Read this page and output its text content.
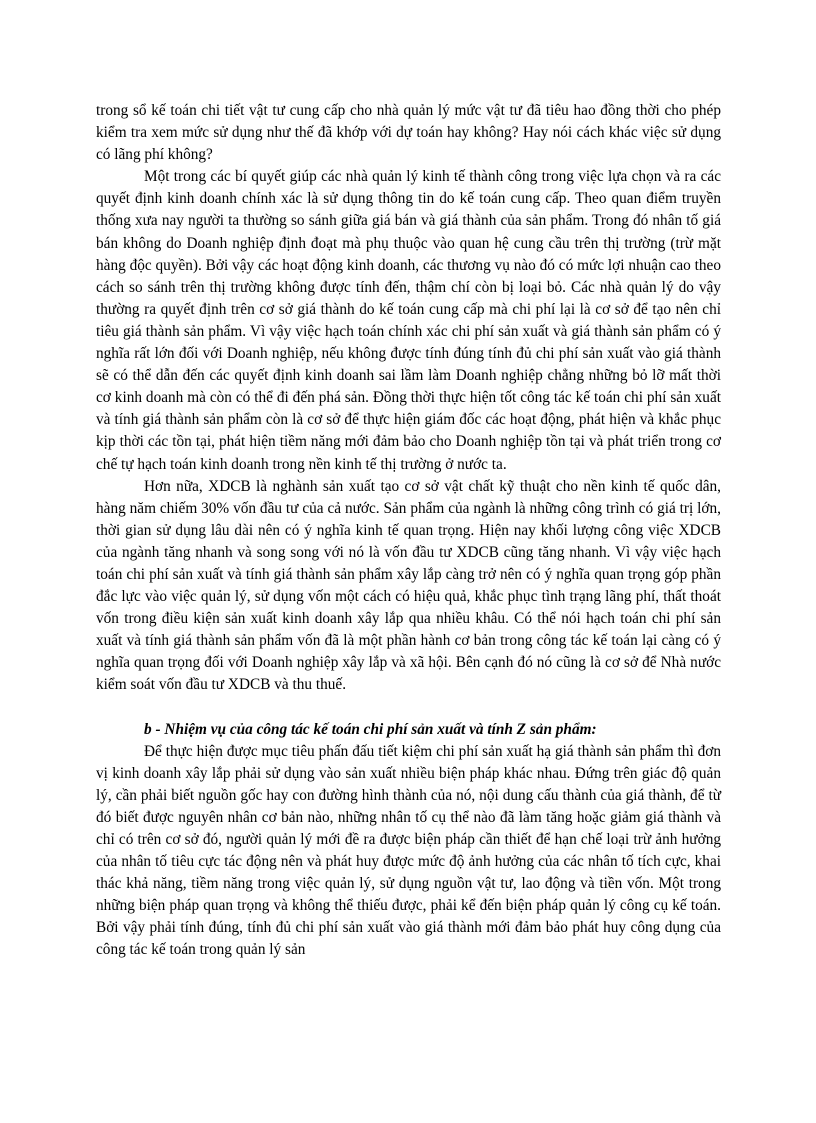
trong sổ kế toán chi tiết vật tư cung cấp cho nhà quản lý mức vật tư đã tiêu hao đồng thời cho phép kiểm tra xem mức sử dụng như thế đã khớp với dự toán hay không? Hay nói cách khác việc sử dụng có lãng phí không?

Một trong các bí quyết giúp các nhà quản lý kinh tế thành công trong việc lựa chọn và ra các quyết định kinh doanh chính xác là sử dụng thông tin do kế toán cung cấp. Theo quan điểm truyền thống xưa nay người ta thường so sánh giữa giá bán và giá thành của sản phẩm. Trong đó nhân tố giá bán không do Doanh nghiệp định đoạt mà phụ thuộc vào quan hệ cung cầu trên thị trường (trừ mặt hàng độc quyền). Bởi vậy các hoạt động kinh doanh, các thương vụ nào đó có mức lợi nhuận cao theo cách so sánh trên thị trường không được tính đến, thậm chí còn bị loại bỏ. Các nhà quản lý do vậy thường ra quyết định trên cơ sở giá thành do kế toán cung cấp mà chi phí lại là cơ sở để tạo nên chỉ tiêu giá thành sản phẩm. Vì vậy việc hạch toán chính xác chi phí sản xuất và giá thành sản phẩm có ý nghĩa rất lớn đối với Doanh nghiệp, nếu không được tính đúng tính đủ chi phí sản xuất vào giá thành sẽ có thể dẫn đến các quyết định kinh doanh sai lầm làm Doanh nghiệp chẳng những bỏ lỡ mất thời cơ kinh doanh mà còn có thể đi đến phá sản. Đồng thời thực hiện tốt công tác kế toán chi phí sản xuất và tính giá thành sản phẩm còn là cơ sở để thực hiện giám đốc các hoạt động, phát hiện và khắc phục kịp thời các tồn tại, phát hiện tiềm năng mới đảm bảo cho Doanh nghiệp tồn tại và phát triển trong cơ chế tự hạch toán kinh doanh trong nền kinh tế thị trường ở nước ta.

Hơn nữa, XDCB là nghành sản xuất tạo cơ sở vật chất kỹ thuật cho nền kinh tế quốc dân, hàng năm chiếm 30% vốn đầu tư của cả nước. Sản phẩm của ngành là những công trình có giá trị lớn, thời gian sử dụng lâu dài nên có ý nghĩa kinh tế quan trọng. Hiện nay khối lượng công việc XDCB của ngành tăng nhanh và song song với nó là vốn đầu tư XDCB cũng tăng nhanh. Vì vậy việc hạch toán chi phí sản xuất và tính giá thành sản phẩm xây lắp càng trở nên có ý nghĩa quan trọng góp phần đắc lực vào việc quản lý, sử dụng vốn một cách có hiệu quả, khắc phục tình trạng lãng phí, thất thoát vốn trong điều kiện sản xuất kinh doanh xây lắp qua nhiều khâu. Có thể nói hạch toán chi phí sản xuất và tính giá thành sản phẩm vốn đã là một phần hành cơ bản trong công tác kế toán lại càng có ý nghĩa quan trọng đối với Doanh nghiệp xây lắp và xã hội. Bên cạnh đó nó cũng là cơ sở để Nhà nước kiểm soát vốn đầu tư XDCB và thu thuế.

b - Nhiệm vụ của công tác kế toán chi phí sản xuất và tính Z sản phẩm:

Để thực hiện được mục tiêu phấn đấu tiết kiệm chi phí sản xuất hạ giá thành sản phẩm thì đơn vị kinh doanh xây lắp phải sử dụng vào sản xuất nhiều biện pháp khác nhau. Đứng trên giác độ quản lý, cần phải biết nguồn gốc hay con đường hình thành của nó, nội dung cấu thành của giá thành, để từ đó biết được nguyên nhân cơ bản nào, những nhân tố cụ thể nào đã làm tăng hoặc giảm giá thành và chỉ có trên cơ sở đó, người quản lý mới đề ra được biện pháp cần thiết để hạn chế loại trừ ảnh hưởng của nhân tố tiêu cực tác động nên và phát huy được mức độ ảnh hưởng của các nhân tố tích cực, khai thác khả năng, tiềm năng trong việc quản lý, sử dụng nguồn vật tư, lao động và tiền vốn. Một trong những biện pháp quan trọng và không thể thiếu được, phải kể đến biện pháp quản lý công cụ kế toán. Bởi vậy phải tính đúng, tính đủ chi phí sản xuất vào giá thành mới đảm bảo phát huy công dụng của công tác kế toán trong quản lý sản
